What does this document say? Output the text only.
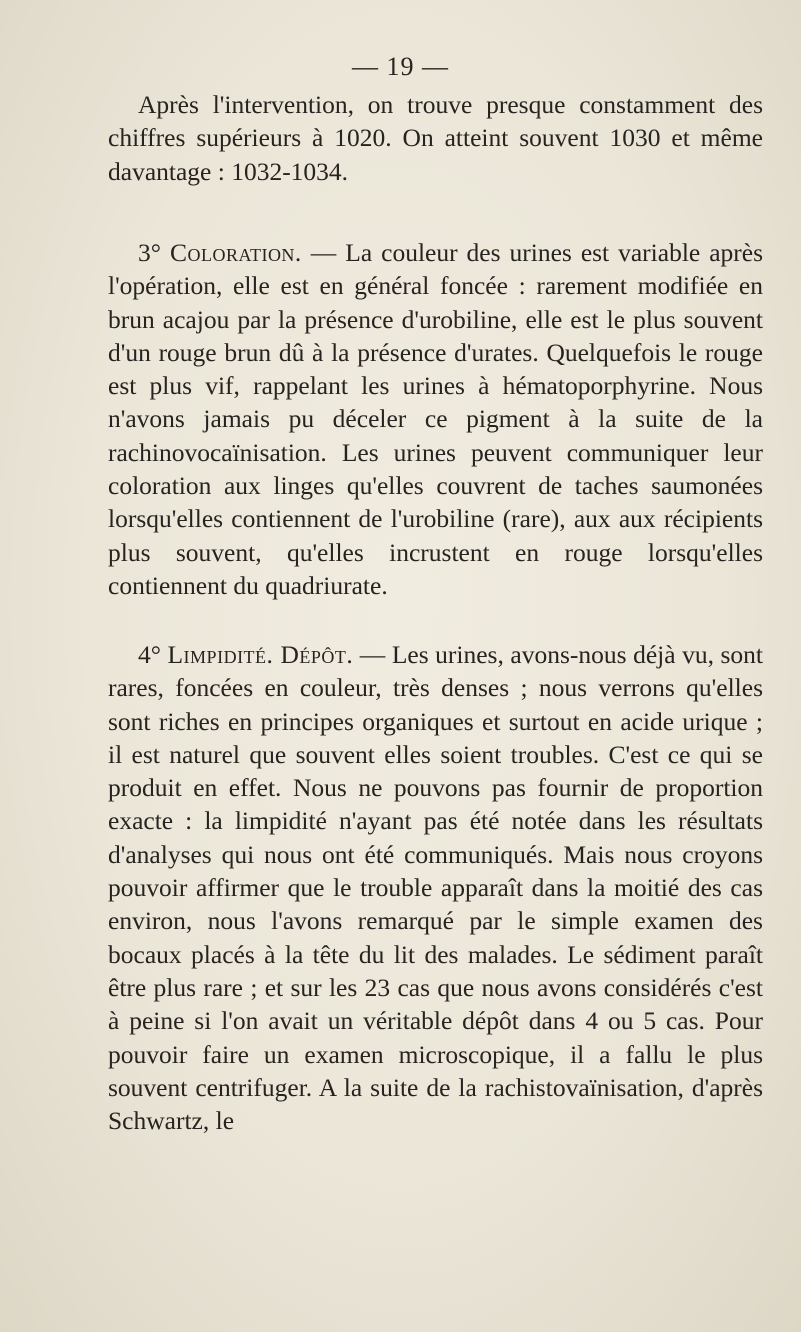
— 19 —

Après l'intervention, on trouve presque constamment des chiffres supérieurs à 1020. On atteint souvent 1030 et même davantage : 1032-1034.

3° Coloration. — La couleur des urines est variable après l'opération, elle est en général foncée : rarement modifiée en brun acajou par la présence d'urobiline, elle est le plus souvent d'un rouge brun dû à la présence d'urates. Quelquefois le rouge est plus vif, rappelant les urines à hématoporphyrine. Nous n'avons jamais pu déceler ce pigment à la suite de la rachinovocaïnisation. Les urines peuvent communiquer leur coloration aux linges qu'elles couvrent de taches saumonées lorsqu'elles contiennent de l'urobiline (rare), aux aux récipients plus souvent, qu'elles incrustent en rouge lorsqu'elles contiennent du quadriurate.

4° Limpidité. Dépôt. — Les urines, avons-nous déjà vu, sont rares, foncées en couleur, très denses ; nous verrons qu'elles sont riches en principes organiques et surtout en acide urique ; il est naturel que souvent elles soient troubles. C'est ce qui se produit en effet. Nous ne pouvons pas fournir de proportion exacte : la limpidité n'ayant pas été notée dans les résultats d'analyses qui nous ont été communiqués. Mais nous croyons pouvoir affirmer que le trouble apparaît dans la moitié des cas environ, nous l'avons remarqué par le simple examen des bocaux placés à la tête du lit des malades. Le sédiment paraît être plus rare ; et sur les 23 cas que nous avons considérés c'est à peine si l'on avait un véritable dépôt dans 4 ou 5 cas. Pour pouvoir faire un examen microscopique, il a fallu le plus souvent centrifuger. A la suite de la rachistovaïnisation, d'après Schwartz, le
